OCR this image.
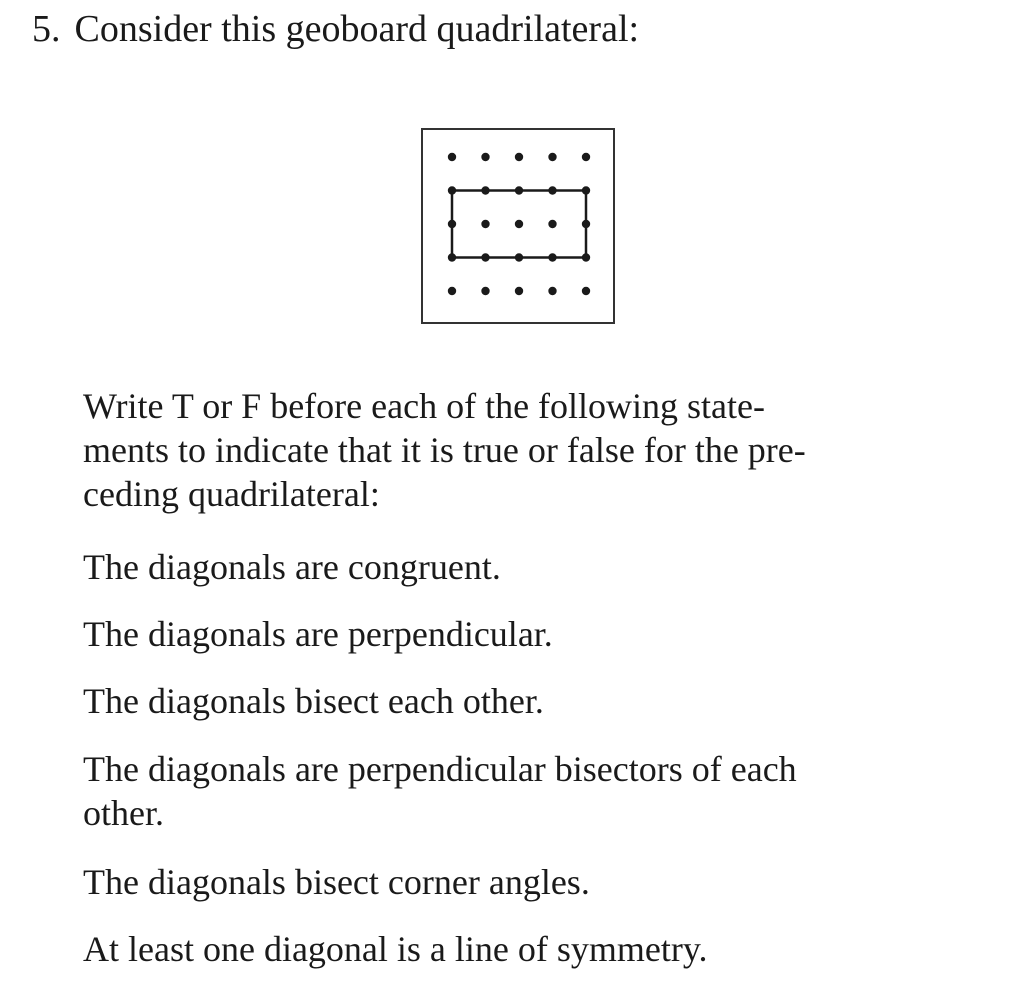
5. Consider this geoboard quadrilateral:
Write T or F before each of the following state-
ments to indicate that it is true or false for the pre-
ceding quadrilateral:
The diagonals are congruent.
The diagonals are perpendicular.
The diagonals bisect each other.
The diagonals are perpendicular bisectors of each
other.
The diagonals bisect corner angles.
At least one diagonal is a line of symmetry.
